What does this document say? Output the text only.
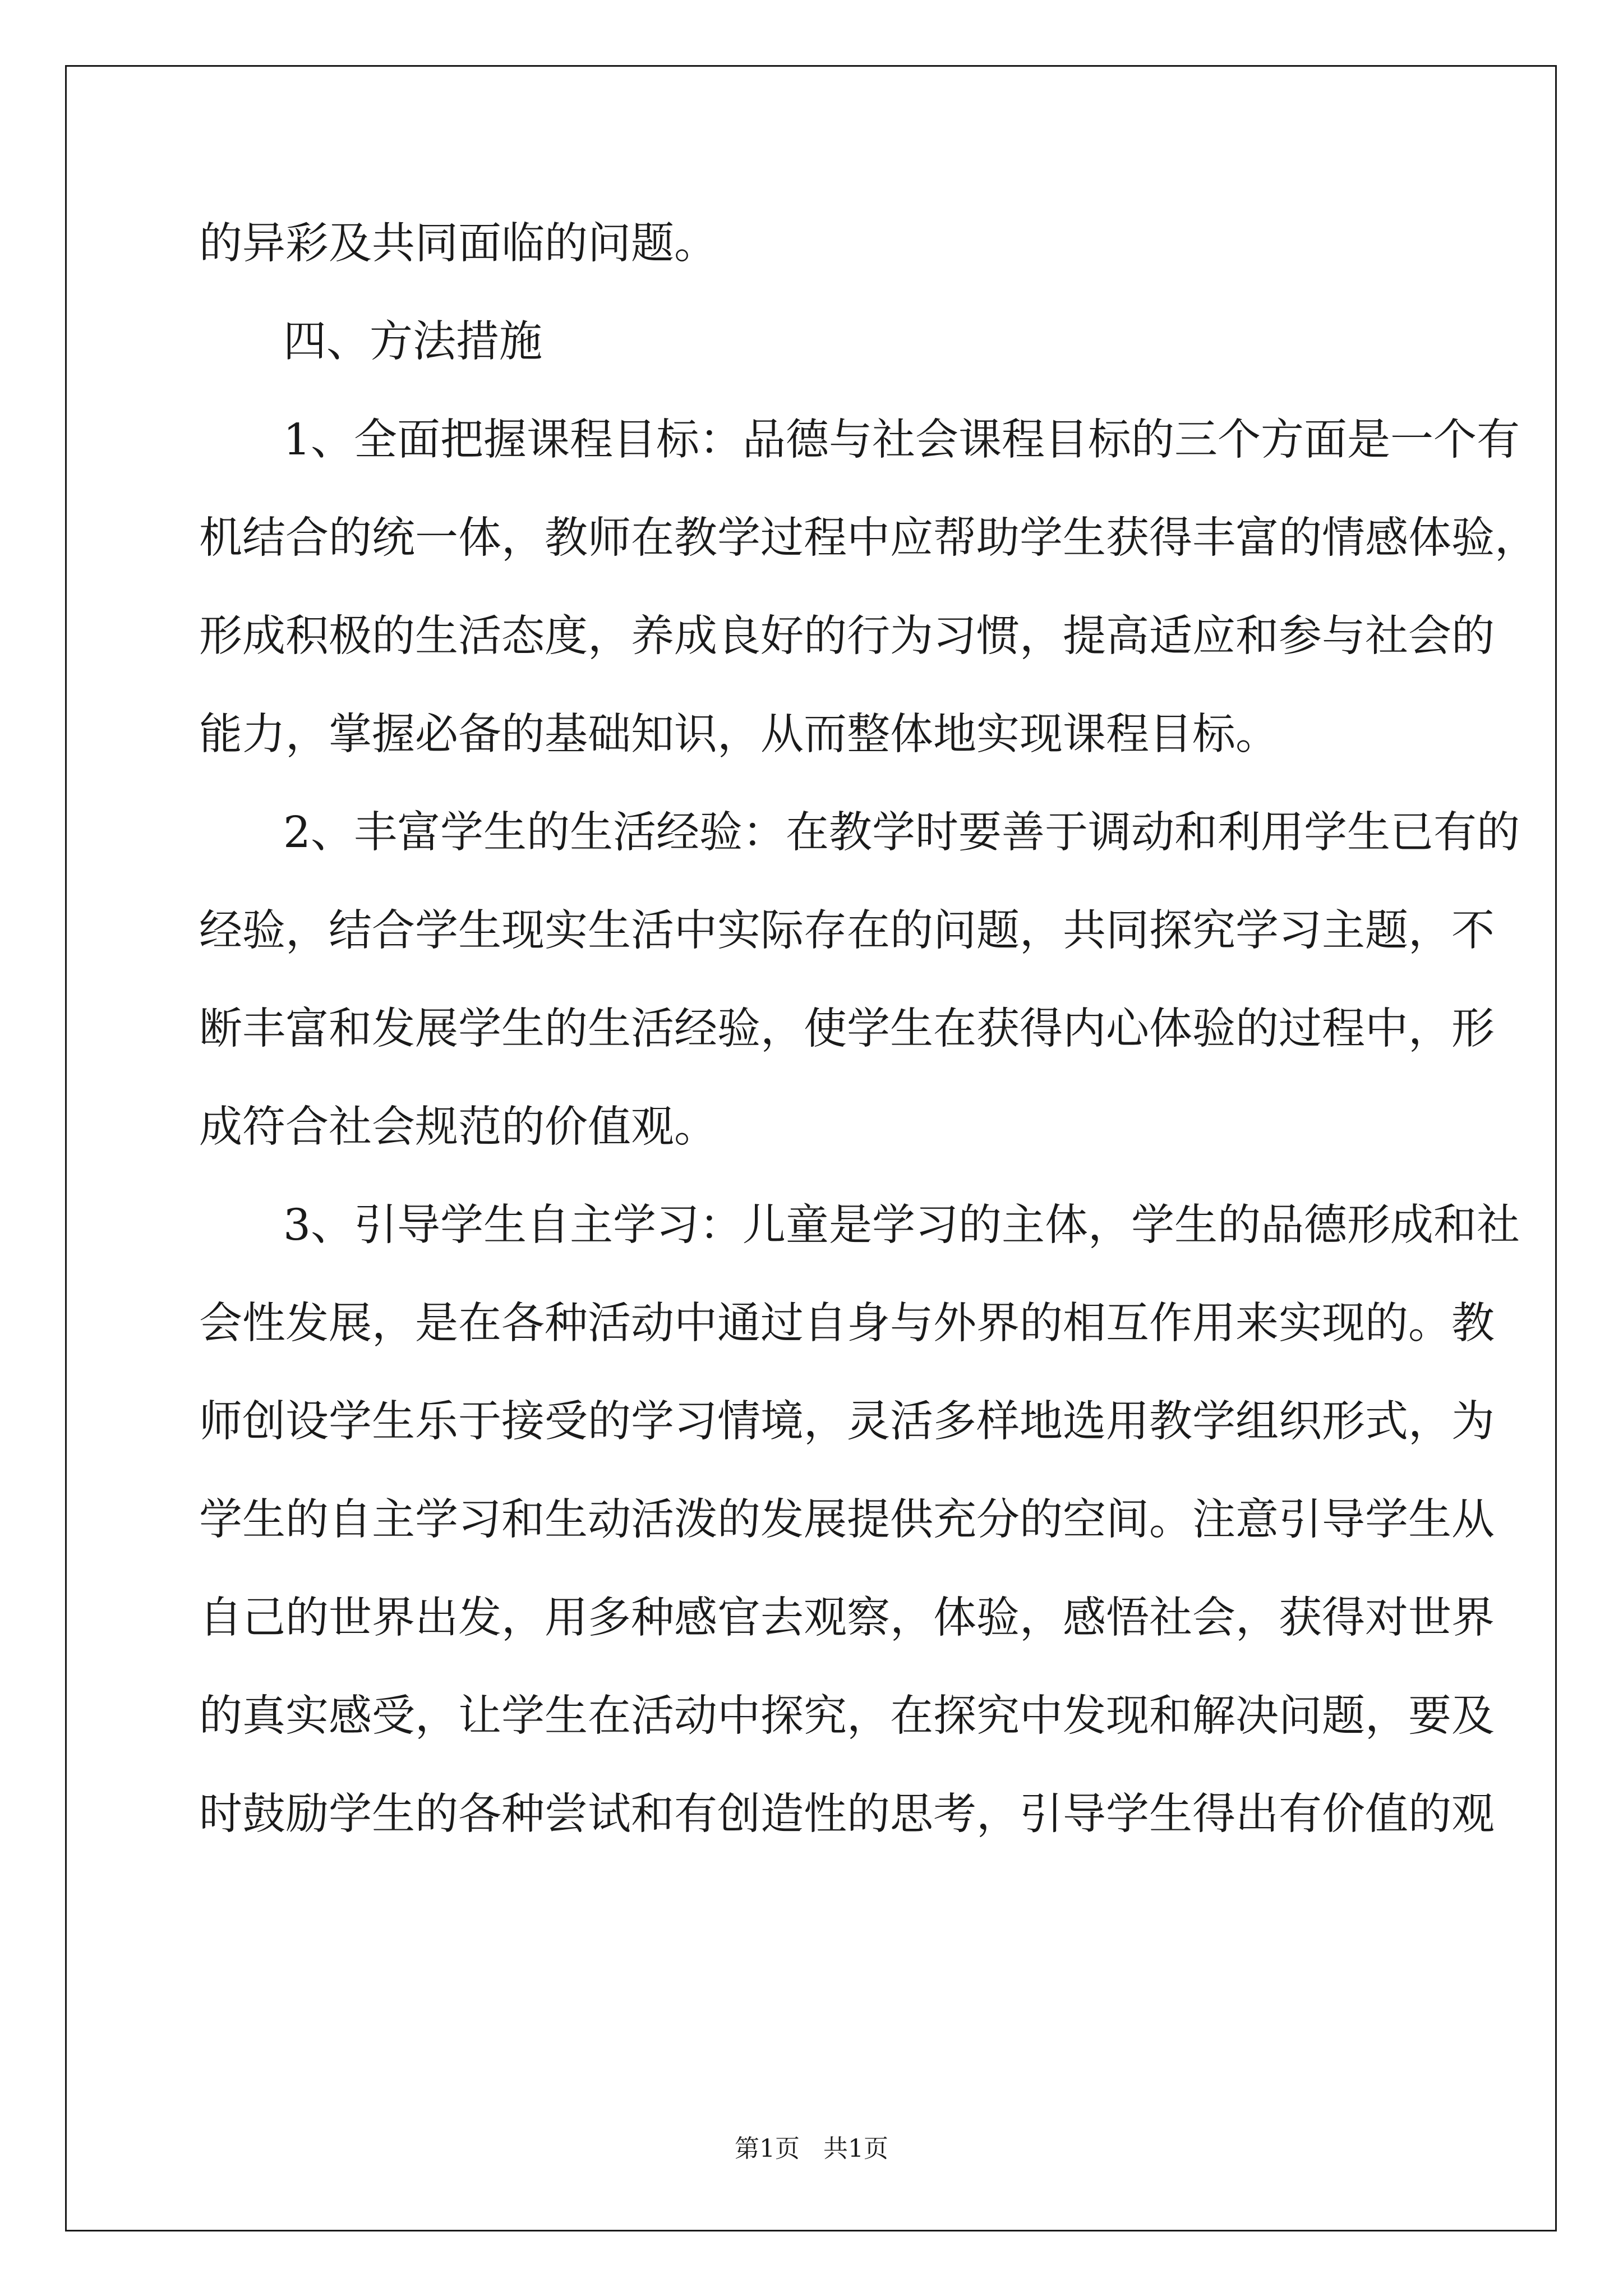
的异彩及共同面临的问题。
四、方法措施
1、全面把握课程目标：品德与社会课程目标的三个方面是一个有
机结合的统一体，教师在教学过程中应帮助学生获得丰富的情感体验，
形成积极的生活态度，养成良好的行为习惯，提高适应和参与社会的
能力，掌握必备的基础知识，从而整体地实现课程目标。
2、丰富学生的生活经验：在教学时要善于调动和利用学生已有的
经验，结合学生现实生活中实际存在的问题，共同探究学习主题，不
断丰富和发展学生的生活经验，使学生在获得内心体验的过程中，形
成符合社会规范的价值观。
3、引导学生自主学习：儿童是学习的主体，学生的品德形成和社
会性发展，是在各种活动中通过自身与外界的相互作用来实现的。教
师创设学生乐于接受的学习情境，灵活多样地选用教学组织形式，为
学生的自主学习和生动活泼的发展提供充分的空间。注意引导学生从
自己的世界出发，用多种感官去观察，体验，感悟社会，获得对世界
的真实感受，让学生在活动中探究，在探究中发现和解决问题，要及
时鼓励学生的各种尝试和有创造性的思考，引导学生得出有价值的观
第1页   共1页
